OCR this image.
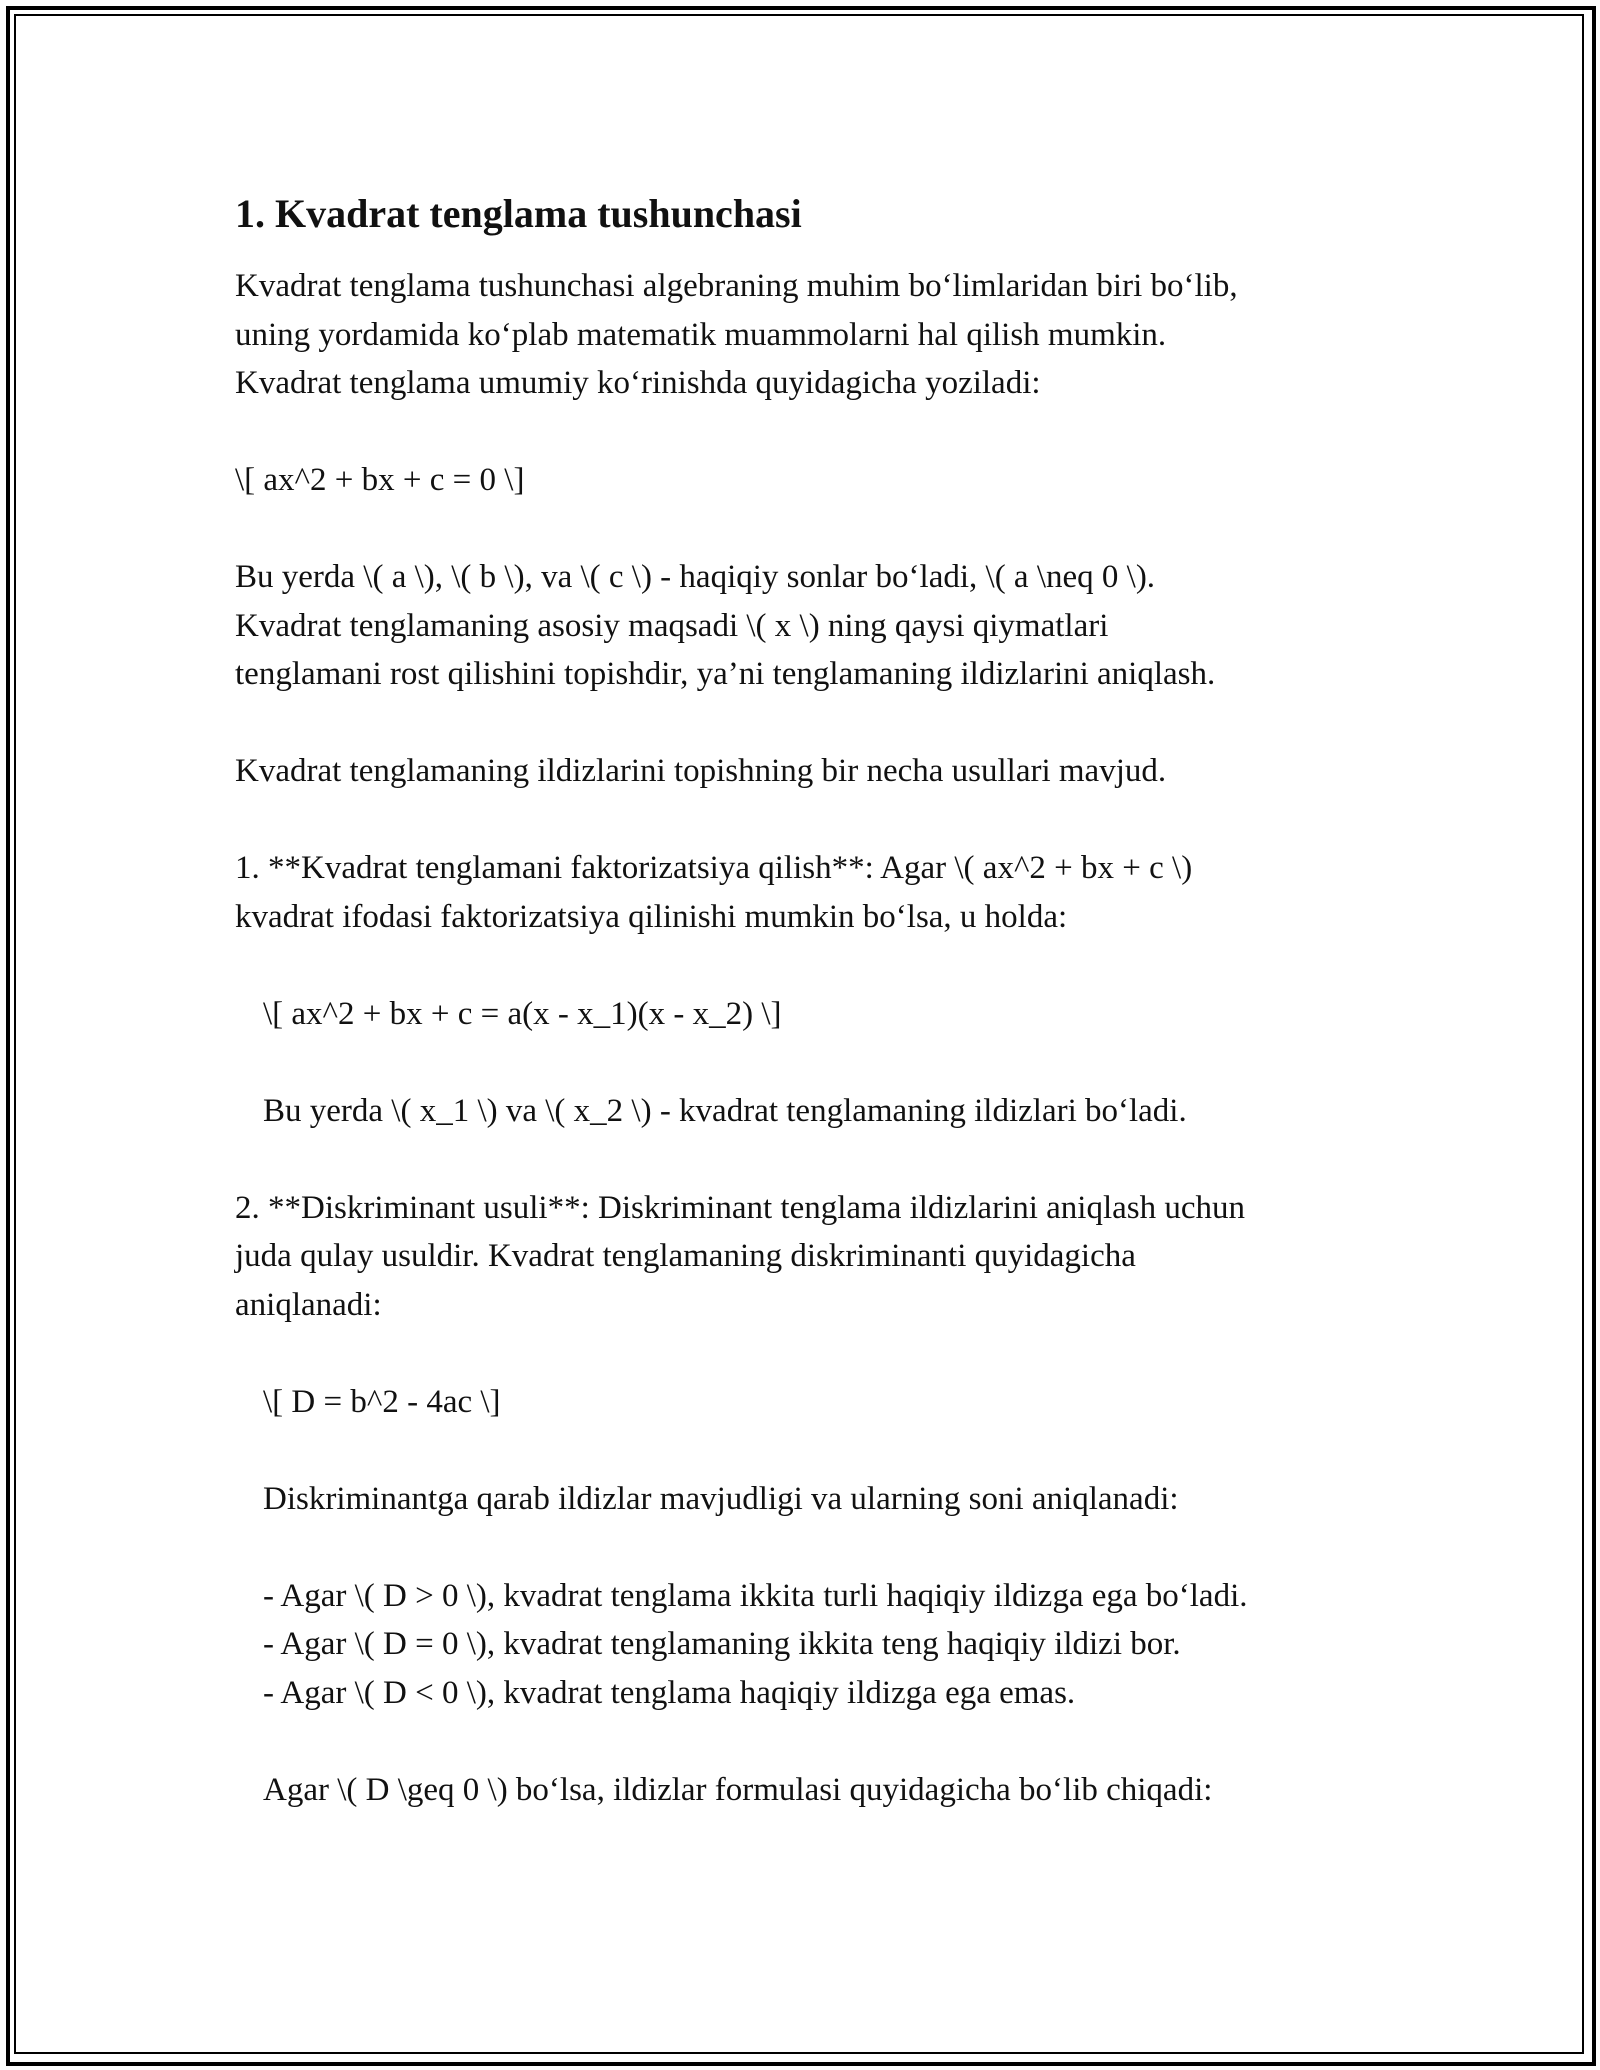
1. Kvadrat tenglama tushunchasi

Kvadrat tenglama tushunchasi algebraning muhim bo‘limlaridan biri bo‘lib,

uning yordamida ko‘plab matematik muammolarni hal qilish mumkin.

Kvadrat tenglama umumiy ko‘rinishda quyidagicha yoziladi:

\[ ax^2 + bx + c = 0 \]

Bu yerda \( a \), \( b \), va \( c \) - haqiqiy sonlar bo‘ladi, \( a \neq 0 \).

Kvadrat tenglamaning asosiy maqsadi \( x \) ning qaysi qiymatlari

tenglamani rost qilishini topishdir, ya’ni tenglamaning ildizlarini aniqlash.

Kvadrat tenglamaning ildizlarini topishning bir necha usullari mavjud.

1. **Kvadrat tenglamani faktorizatsiya qilish**: Agar \( ax^2 + bx + c \)

kvadrat ifodasi faktorizatsiya qilinishi mumkin bo‘lsa, u holda:

\[ ax^2 + bx + c = a(x - x_1)(x - x_2) \]

Bu yerda \( x_1 \) va \( x_2 \) - kvadrat tenglamaning ildizlari bo‘ladi.

2. **Diskriminant usuli**: Diskriminant tenglama ildizlarini aniqlash uchun

juda qulay usuldir. Kvadrat tenglamaning diskriminanti quyidagicha

aniqlanadi:

\[ D = b^2 - 4ac \]

Diskriminantga qarab ildizlar mavjudligi va ularning soni aniqlanadi:

- Agar \( D > 0 \), kvadrat tenglama ikkita turli haqiqiy ildizga ega bo‘ladi.

- Agar \( D = 0 \), kvadrat tenglamaning ikkita teng haqiqiy ildizi bor.

- Agar \( D < 0 \), kvadrat tenglama haqiqiy ildizga ega emas.

Agar \( D \geq 0 \) bo‘lsa, ildizlar formulasi quyidagicha bo‘lib chiqadi:
